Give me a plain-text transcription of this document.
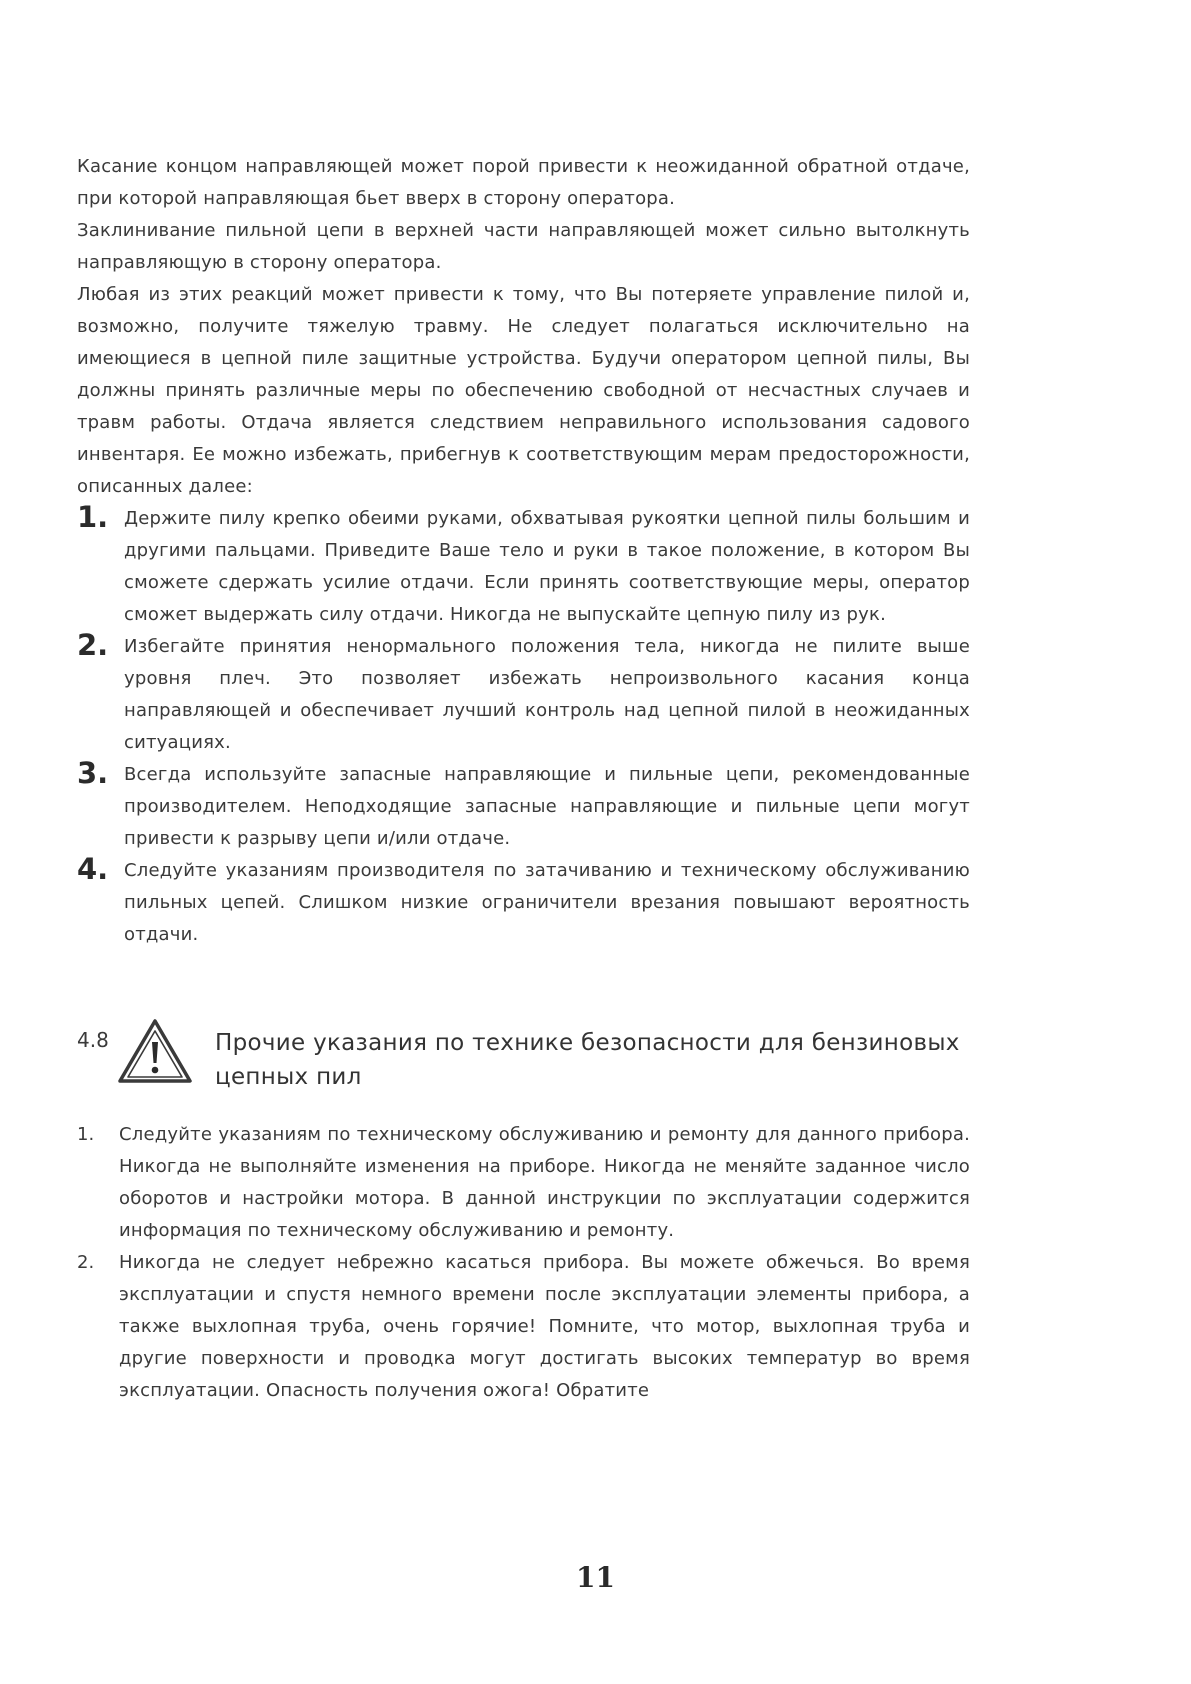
Касание концом направляющей может порой привести к неожиданной обратной отдаче, при которой направляющая бьет вверх в сторону оператора.

Заклинивание пильной цепи в верхней части направляющей может сильно вытолкнуть направляющую в сторону оператора.

Любая из этих реакций может привести к тому, что Вы потеряете управление пилой и, возможно, получите тяжелую травму. Не следует полагаться исключительно на имеющиеся в цепной пиле защитные устройства. Будучи оператором цепной пилы, Вы должны принять различные меры по обеспечению свободной от несчастных случаев и травм работы. Отдача является следствием неправильного использования садового инвентаря. Ее можно избежать, прибегнув к соответствующим мерам предосторожности, описанных далее:

1. Держите пилу крепко обеими руками, обхватывая рукоятки цепной пилы большим и другими пальцами. Приведите Ваше тело и руки в такое положение, в котором Вы сможете сдержать усилие отдачи. Если принять соответствующие меры, оператор сможет выдержать силу отдачи. Никогда не выпускайте цепную пилу из рук.
2. Избегайте принятия ненормального положения тела, никогда не пилите выше уровня плеч. Это позволяет избежать непроизвольного касания конца направляющей и обеспечивает лучший контроль над цепной пилой в неожиданных ситуациях.
3. Всегда используйте запасные направляющие и пильные цепи, рекомендованные производителем. Неподходящие запасные направляющие и пильные цепи могут привести к разрыву цепи и/или отдаче.
4. Следуйте указаниям производителя по затачиванию и техническому обслуживанию пильных цепей. Слишком низкие ограничители врезания повышают вероятность отдачи.
4.8	Прочие указания по технике безопасности для бензиновых цепных пил
1.	Следуйте указаниям по техническому обслуживанию и ремонту для данного прибора. Никогда не выполняйте изменения на приборе. Никогда не меняйте заданное число оборотов и настройки мотора. В данной инструкции по эксплуатации содержится информация по техническому обслуживанию и ремонту.
2.	Никогда не следует небрежно касаться прибора. Вы можете обжечься. Во время эксплуатации и спустя немного времени после эксплуатации элементы прибора, а также выхлопная труба, очень горячие! Помните, что мотор, выхлопная труба и другие поверхности и проводка могут достигать высоких температур во время эксплуатации. Опасность получения ожога! Обратите
11
